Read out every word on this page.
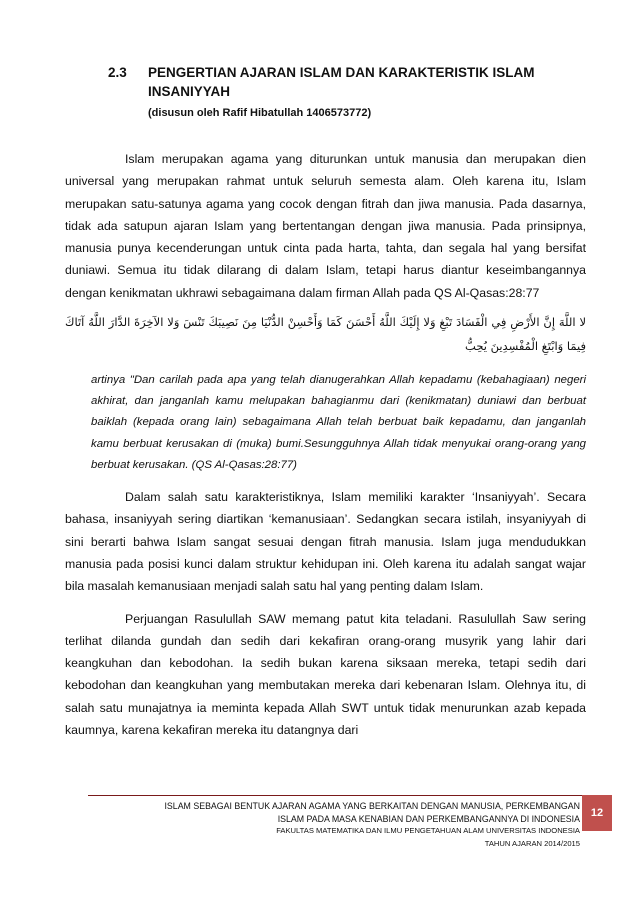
2.3 PENGERTIAN AJARAN ISLAM DAN KARAKTERISTIK ISLAM INSANIYYAH
(disusun oleh Rafif Hibatullah 1406573772)

Islam merupakan agama yang diturunkan untuk manusia dan merupakan dien universal yang merupakan rahmat untuk seluruh semesta alam. Oleh karena itu, Islam merupakan satu-satunya agama yang cocok dengan fitrah dan jiwa manusia. Pada dasarnya, tidak ada satupun ajaran Islam yang bertentangan dengan jiwa manusia. Pada prinsipnya, manusia punya kecenderungan untuk cinta pada harta, tahta, dan segala hal yang bersifat duniawi. Semua itu tidak dilarang di dalam Islam, tetapi harus diantur keseimbangannya dengan kenikmatan ukhrawi sebagaimana dalam firman Allah pada QS Al-Qasas:28:77

لا اللَّهَ إِنَّ الأَرْضِ فِي الْفَسَادَ تَبْغِ وَلا إِلَيْكَ اللَّهُ أَحْسَنَ كَمَا وَأَحْسِنْ الدُّنْيَا مِنَ نَصِيبَكَ تَنْسَ وَلا الآخِرَةَ الدَّارَ اللَّهُ آتَاكَ فِيمَا وَابْتَغِ الْمُفْسِدِينَ يُحِبُّ

artinya "Dan carilah pada apa yang telah dianugerahkan Allah kepadamu (kebahagiaan) negeri akhirat, dan janganlah kamu melupakan bahagianmu dari (kenikmatan) duniawi dan berbuat baiklah (kepada orang lain) sebagaimana Allah telah berbuat baik kepadamu, dan janganlah kamu berbuat kerusakan di (muka) bumi.Sesungguhnya Allah tidak menyukai orang-orang yang berbuat kerusakan. (QS Al-Qasas:28:77)

Dalam salah satu karakteristiknya, Islam memiliki karakter ‘Insaniyyah’. Secara bahasa, insaniyyah sering diartikan ‘kemanusiaan’. Sedangkan secara istilah, insyaniyyah di sini berarti bahwa Islam sangat sesuai dengan fitrah manusia. Islam juga mendudukkan manusia pada posisi kunci dalam struktur kehidupan ini. Oleh karena itu adalah sangat wajar bila masalah kemanusiaan menjadi salah satu hal yang penting dalam Islam.

Perjuangan Rasulullah SAW memang patut kita teladani. Rasulullah Saw sering terlihat dilanda gundah dan sedih dari kekafiran orang-orang musyrik yang lahir dari keangkuhan dan kebodohan. Ia sedih bukan karena siksaan mereka, tetapi sedih dari kebodohan dan keangkuhan yang membutakan mereka dari kebenaran Islam. Olehnya itu, di salah satu munajatnya ia meminta kepada Allah SWT untuk tidak menurunkan azab kepada kaumnya, karena kekafiran mereka itu datangnya dari

ISLAM SEBAGAI BENTUK AJARAN AGAMA YANG BERKAITAN DENGAN MANUSIA, PERKEMBANGAN
ISLAM PADA MASA KENABIAN DAN PERKEMBANGANNYA DI INDONESIA
FAKULTAS MATEMATIKA DAN ILMU PENGETAHUAN ALAM UNIVERSITAS INDONESIA
TAHUN AJARAN 2014/2015
12
